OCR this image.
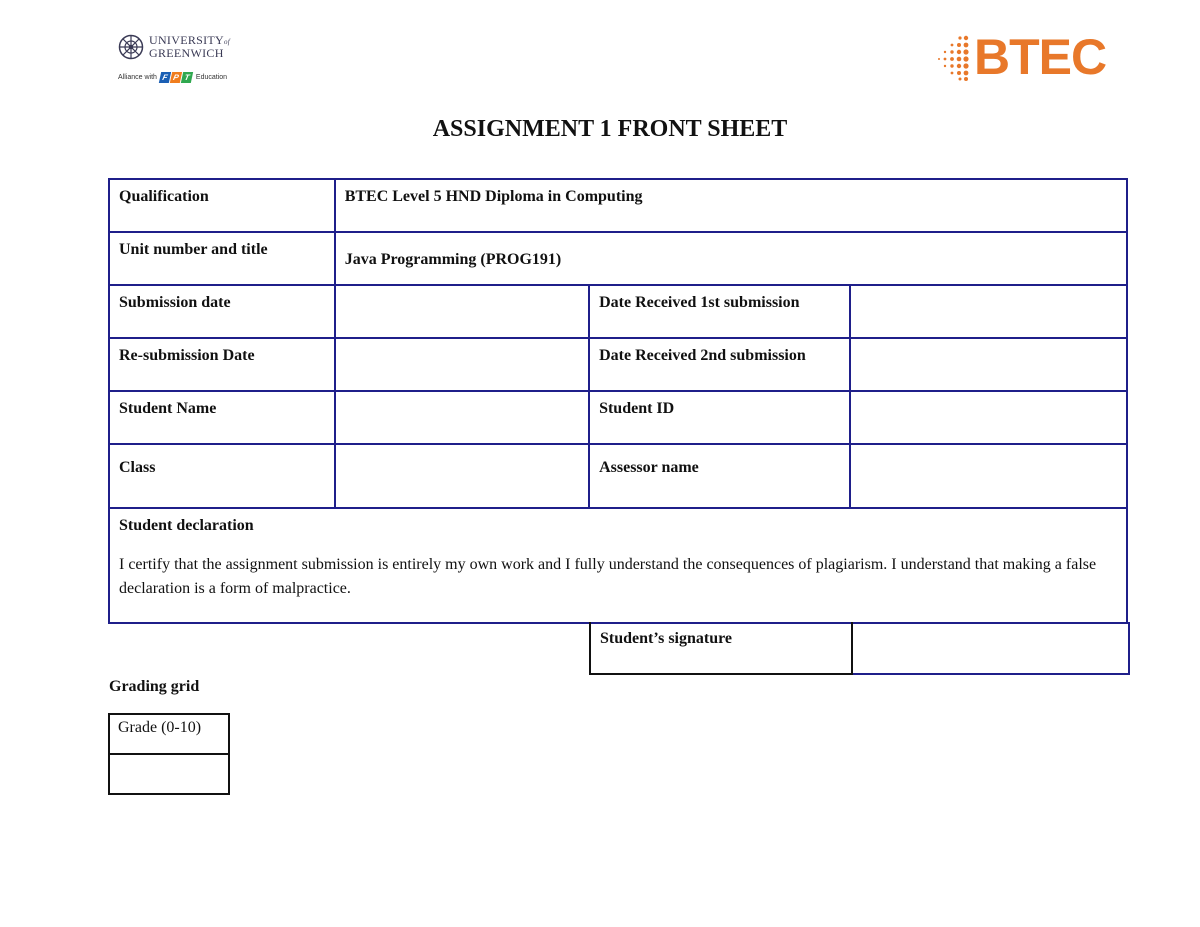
UNIVERSITYof
GREENWICH
Alliance with F P T Education	BTEC
ASSIGNMENT 1 FRONT SHEET
Qualification	BTEC Level 5 HND Diploma in Computing		
Unit number and title	Java Programming (PROG191)		
Submission date		Date Received 1st submission	
Re-submission Date		Date Received 2nd submission	
Student Name		Student ID	
Class		Assessor name	

Student declaration
I certify that the assignment submission is entirely my own work and I fully understand the consequences of plagiarism. I understand that making a false declaration is a form of malpractice.			
Student’s signature	
Grading grid
Grade (0-10)
